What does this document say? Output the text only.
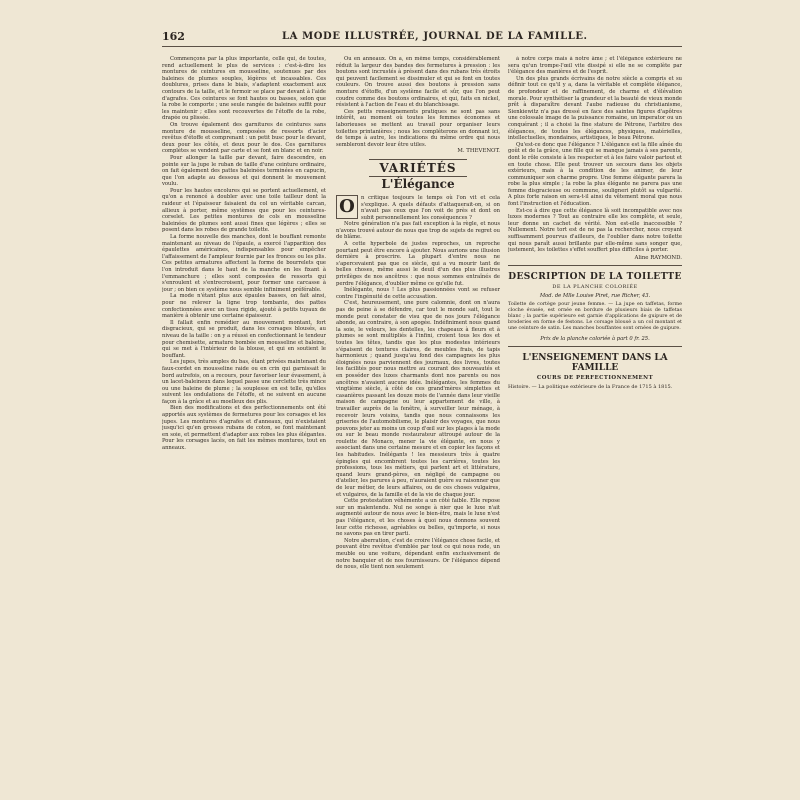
162	LA MODE ILLUSTRÉE, JOURNAL DE LA FAMILLE.

Commençons par la plus importante, celle qui, de toutes, rend actuellement le plus de services : c'est-à-dire les montures de ceintures en mousseline, soutenues par des baleines de plumes souples, légères et incassables. Ces doublures, prises dans le biais, s'adaptent exactement aux contours de la taille, et le fermoir se place par devant à l'aide d'agrafes. Ces ceintures se font hautes ou basses, selon que la robe le comporte ; une seule rangée de baleines suffit pour les maintenir ; elles sont recouvertes de l'étoffe de la robe, drapée ou plissée.

On trouve également des garnitures de ceintures sans monture de mousseline, composées de ressorts d'acier revêtus d'étoffe et comprenant : un petit busc pour le devant, deux pour les côtés, et deux pour le dos. Ces garnitures complètes se vendent par carte et se font en blanc et en noir.

Pour allonger la taille par devant, faire descendre, en pointe sur la jupe le ruban de taille d'une ceinture ordinaire, on fait également des pattes baleinées terminées en capucin, que l'on adapte au dessous et qui donnent le mouvement voulu.

Pour les hautes encolures qui se portent actuellement, et qu'on a renoncé à doubler avec une toile tailleur dont la raideur et l'épaisseur faisaient du col un véritable carcan, allieux à porter, même systèmes que pour les ceintures-corselet. Les petites montures de cols en mousseline baleinées de plumes sont aussi fines que légères ; elles se posent dans les robes de grande toilette.

La forme nouvelle des manches, dont le bouffant remonte maintenant au niveau de l'épaule, a exercé l'apparition des épaulettes américaines, indispensables pour empêcher l'affaissement de l'ampleur fournie par les fronces ou les plis. Ces petites armatures affectent la forme de bourrelets que l'on introduit dans le haut de la manche en les fixant à l'emmanchure ; elles sont composées de ressorts qui s'enroulent et s'entrecroisent, pour former une carcasse à jour ; on bien ce système nous semble infiniment préférable.

La mode n'étant plus aux épaules basses, on fait ainsi, pour ne relever la ligne trop tombante, des pattes confectionnées avec un tissu rigide, ajouté à petits tuyaux de manière à obtenir une certaine épaisseur.

Il fallait enfin remédier au mouvement montant, fort disgracieux, qui se produit, dans les corsages blousés, au niveau de la taille : on y a réussi en confectionnant le tendeur pour chemisette, armature bombée en mousseline et baleine, qui se met à l'intérieur de la blouse, et qui en soutient le bouffant.

Les jupes, très amples du bas, étant privées maintenant du faux-cordet en mousseline raide ou en crin qui garnissait le bord autrefois, on a recours, pour favoriser leur évasement, à un lacet-baleineux dans lequel passe une cerclette très mince ou une baleine de plume ; la souplesse en est telle, qu'elles suivent les ondulations de l'étoffe, et ne suivent en aucune façon à la grâce et au moelleux des plis.

Bien des modifications et des perfectionnements ont été apportés aux systèmes de fermetures pour les corsages et les jupes. Les montures d'agrafes et d'anneaux, qui n'existaient jusqu'ici qu'en grosses rubans de coton, se font maintenant en soie, et permettent d'adapter aux robes les plus élégantes. Pour les corsages lacés, on fait les mêmes montures, tout en anneaux.

Ou en anneaux. On a, en même temps, considérablement réduit la largeur des bandes des fermetures à pression : les boutons sont incrustés à présent dans des rubans très étroits qui peuvent facilement se dissimuler et qui se font en toutes couleurs. On trouve aussi des boutons à pression sans monture d'étoffe, d'un système facile et sûr, que l'on peut coudre comme des boutons ordinaires, et qui, faits en nickel, résistent à l'action de l'eau et du blanchissage.

Ces petits renseignements pratiques ne sont pas sans intérêt, au moment où toutes les femmes économes et laborieuses se mettent au travail pour organiser leurs toilettes printanières ; nous les compléterons en donnant ici, de temps à autre, les indications du même ordre qui nous sembleront devoir leur être utiles.

M. THEVENOT.
VARIÉTÉS
L'Élégance
O	n critique toujours le temps où l'on vit et cela s'explique. A quels défauts d'attaquerait-on, si on n'avait pas ceux que l'on voit de près et dont on subit personnellement les conséquences ?

Notre génération n'a pas fait exception à la règle, et nous n'avons trouvé autour de nous que trop de sujets de regret ou de blâme.

A cette hyperbole de justes reproches, un reproche pourtant peut être encore à ajouter. Nous aurions une illusion dernière à proscrire. La plupart d'entre nous ne s'apercevaient pas que ce siècle, qui a vu mourir tant de belles choses, même aussi le deuil d'un des plus illustres privilèges de nos ancêtres : que nous sommes entraînés de perdre l'élégance, d'oublier même ce qu'elle fut.

Inélégante, nous ! Les plus passionnées vont se refuser contre l'ingénuité de cette accusation.

C'est, heureusement, une pure calomnie, dont on n'aura pas de peine à se défendre, car tout le monde sait, tout le monde peut constater de visu que de nos jours l'élégance abonde, au contraire, à son apogée. Indéfiniment nous quand la soie, le velours, les dentelles, les chapeaux à fleurs et à plumes se sont multipliés à l'infini, croient tous les dos et toutes les têtes, tandis que les plus modestes intérieurs s'épaisent de tentures claires, de meubles frais, de tapis harmonieux ; quand jusqu'au fond des campagnes les plus éloignées nous parviennent des journaux, des livres, toutes les facilités pour nous mettre au courant des nouveautés et en posséder des luxes charmants dont nos parents ou nos ancêtres n'avaient aucune idée. Inélégantes, les femmes du vingtième siècle, à côté de ces grand'mères simplettes et casanières passant les douze mois de l'année dans leur vieille maison de campagne ou leur appartement de ville, à travailler auprès de la fenêtre, à surveiller leur ménage, à recevoir leurs voisins, tandis que nous connaissons les griseries de l'automobilisme, le plaisir des voyages, que nous pouvons jeter au moins un coup d'œil sur les plages à la mode ou sur le beau monde restaurateur attroupé autour de la roulette de Monaco, mener la vie élégante, en nous y associant dans une certaine mesure et en copier les façons et les habitudes. Inélégants ! les messieurs très à quatre épingles qui encombrent toutes les carrières, toutes les professions, tous les métiers, qui parlent art et littérature, quand leurs grand-pères, en négligé de campagne ou d'atelier, les parures à peu, n'auraient guère su raisonner que de leur métier, de leurs affaires, ou de ces choses vulgaires, et vulgaires, de la famille et de la vie de chaque jour.

Cette protestation véhémente a un côté faible. Elle repose sur un malentendu. Nul ne songe à nier que le luxe n'ait augmenté autour de nous avec le bien-être, mais le luxe n'est pas l'élégance, et les choses à quoi nous donnons souvent leur cette richesse, agréables ou belles, qu'importe, si nous ne savons pas en tirer parti.

Notre aberration, c'est de croire l'élégance chose facile, et pouvant être revêtue d'emblée par tout ce qui nous rode, un meuble ou une voiture, dépendant enfin exclusivement de notre banquier et de nos fournisseurs. Or l'élégance dépend de nous, elle tient non seulement

à notre corps mais à notre âme ; et l'élégance extérieure ne sera qu'un trompe-l'œil vite dissipé si elle ne se complète par l'élégance des manières et de l'esprit.

Un des plus grands écrivains de notre siècle a compris et su définir tout ce qu'il y a, dans la véritable et complète élégance, de profondeur et de raffinement, de charme et d'élévation morale. Pour synthétiser la grandeur et la beauté de vieux monde prêt à disparaître devant l'aube radieuse du christianisme, Sienkiewitz n'a pas dressé en face des saintes figures d'apôtres une colossale image de la puissance romaine, un imperator ou un conquérant ; il a choisi la fine stature de Pétrone, l'arbitre des élégances, de toutes les élégances, physiques, matérielles, intellectuelles, mondaines, artistiques, le beau Pétrone.

Qu'est-ce donc que l'élégance ? L'élégance est la fille aînée du goût et de la grâce, une fille qui se manque jamais à ses parents, dont le rôle consiste à les respecter et à les faire valoir partout et en toute chose. Elle peut trouver un secours dans les objets extérieurs, mais à la condition de les animer, de leur communiquer son charme propre. Une femme élégante parera la robe la plus simple ; la robe la plus élégante ne parera pas une femme disgracieuse ou commune, souligneri plutôt sa vulgarité. A plus forte raison en sera-t-il ainsi du vêtement moral que nous font l'instruction et l'éducation.

Est-ce à dire que cette élégance là soit incompatible avec nos luxes modernes ? Tout au contraire elle les complète, et seule, leur donne un cachet de vérité. Non est-elle inaccessible ? Nullement. Notre tort est de ne pas la rechercher, nous croyant suffisamment pourvus d'ailleurs, de l'oublier dans notre toilette qui nous paraît aussi brillante par elle-même sans songer que, justement, les toilettes s'effet souffert plus difficiles à porter.

Aline RAYMOND.
DESCRIPTION DE LA TOILETTE
DE LA PLANCHE COLORIÉE
Mod. de Mlle Louise Piret, rue Richer, 43.
Toilette de cortège pour jeune femme. — La jupe en taffetas, forme cloche évasée, est ornée en bordure de plusieurs biais de taffetas blanc ; la partie supérieure est garnie d'applications de guipure et de broderies en forme de festons. Le corsage blousé a un col montant et une ceinture de satin. Les manches bouffantes sont ornées de guipure.
Prix de la planche coloriée à part 0 fr. 25.
L'ENSEIGNEMENT DANS LA FAMILLE
COURS DE PERFECTIONNEMENT
Histoire. — La politique extérieure de la France de 1715 à 1815.
